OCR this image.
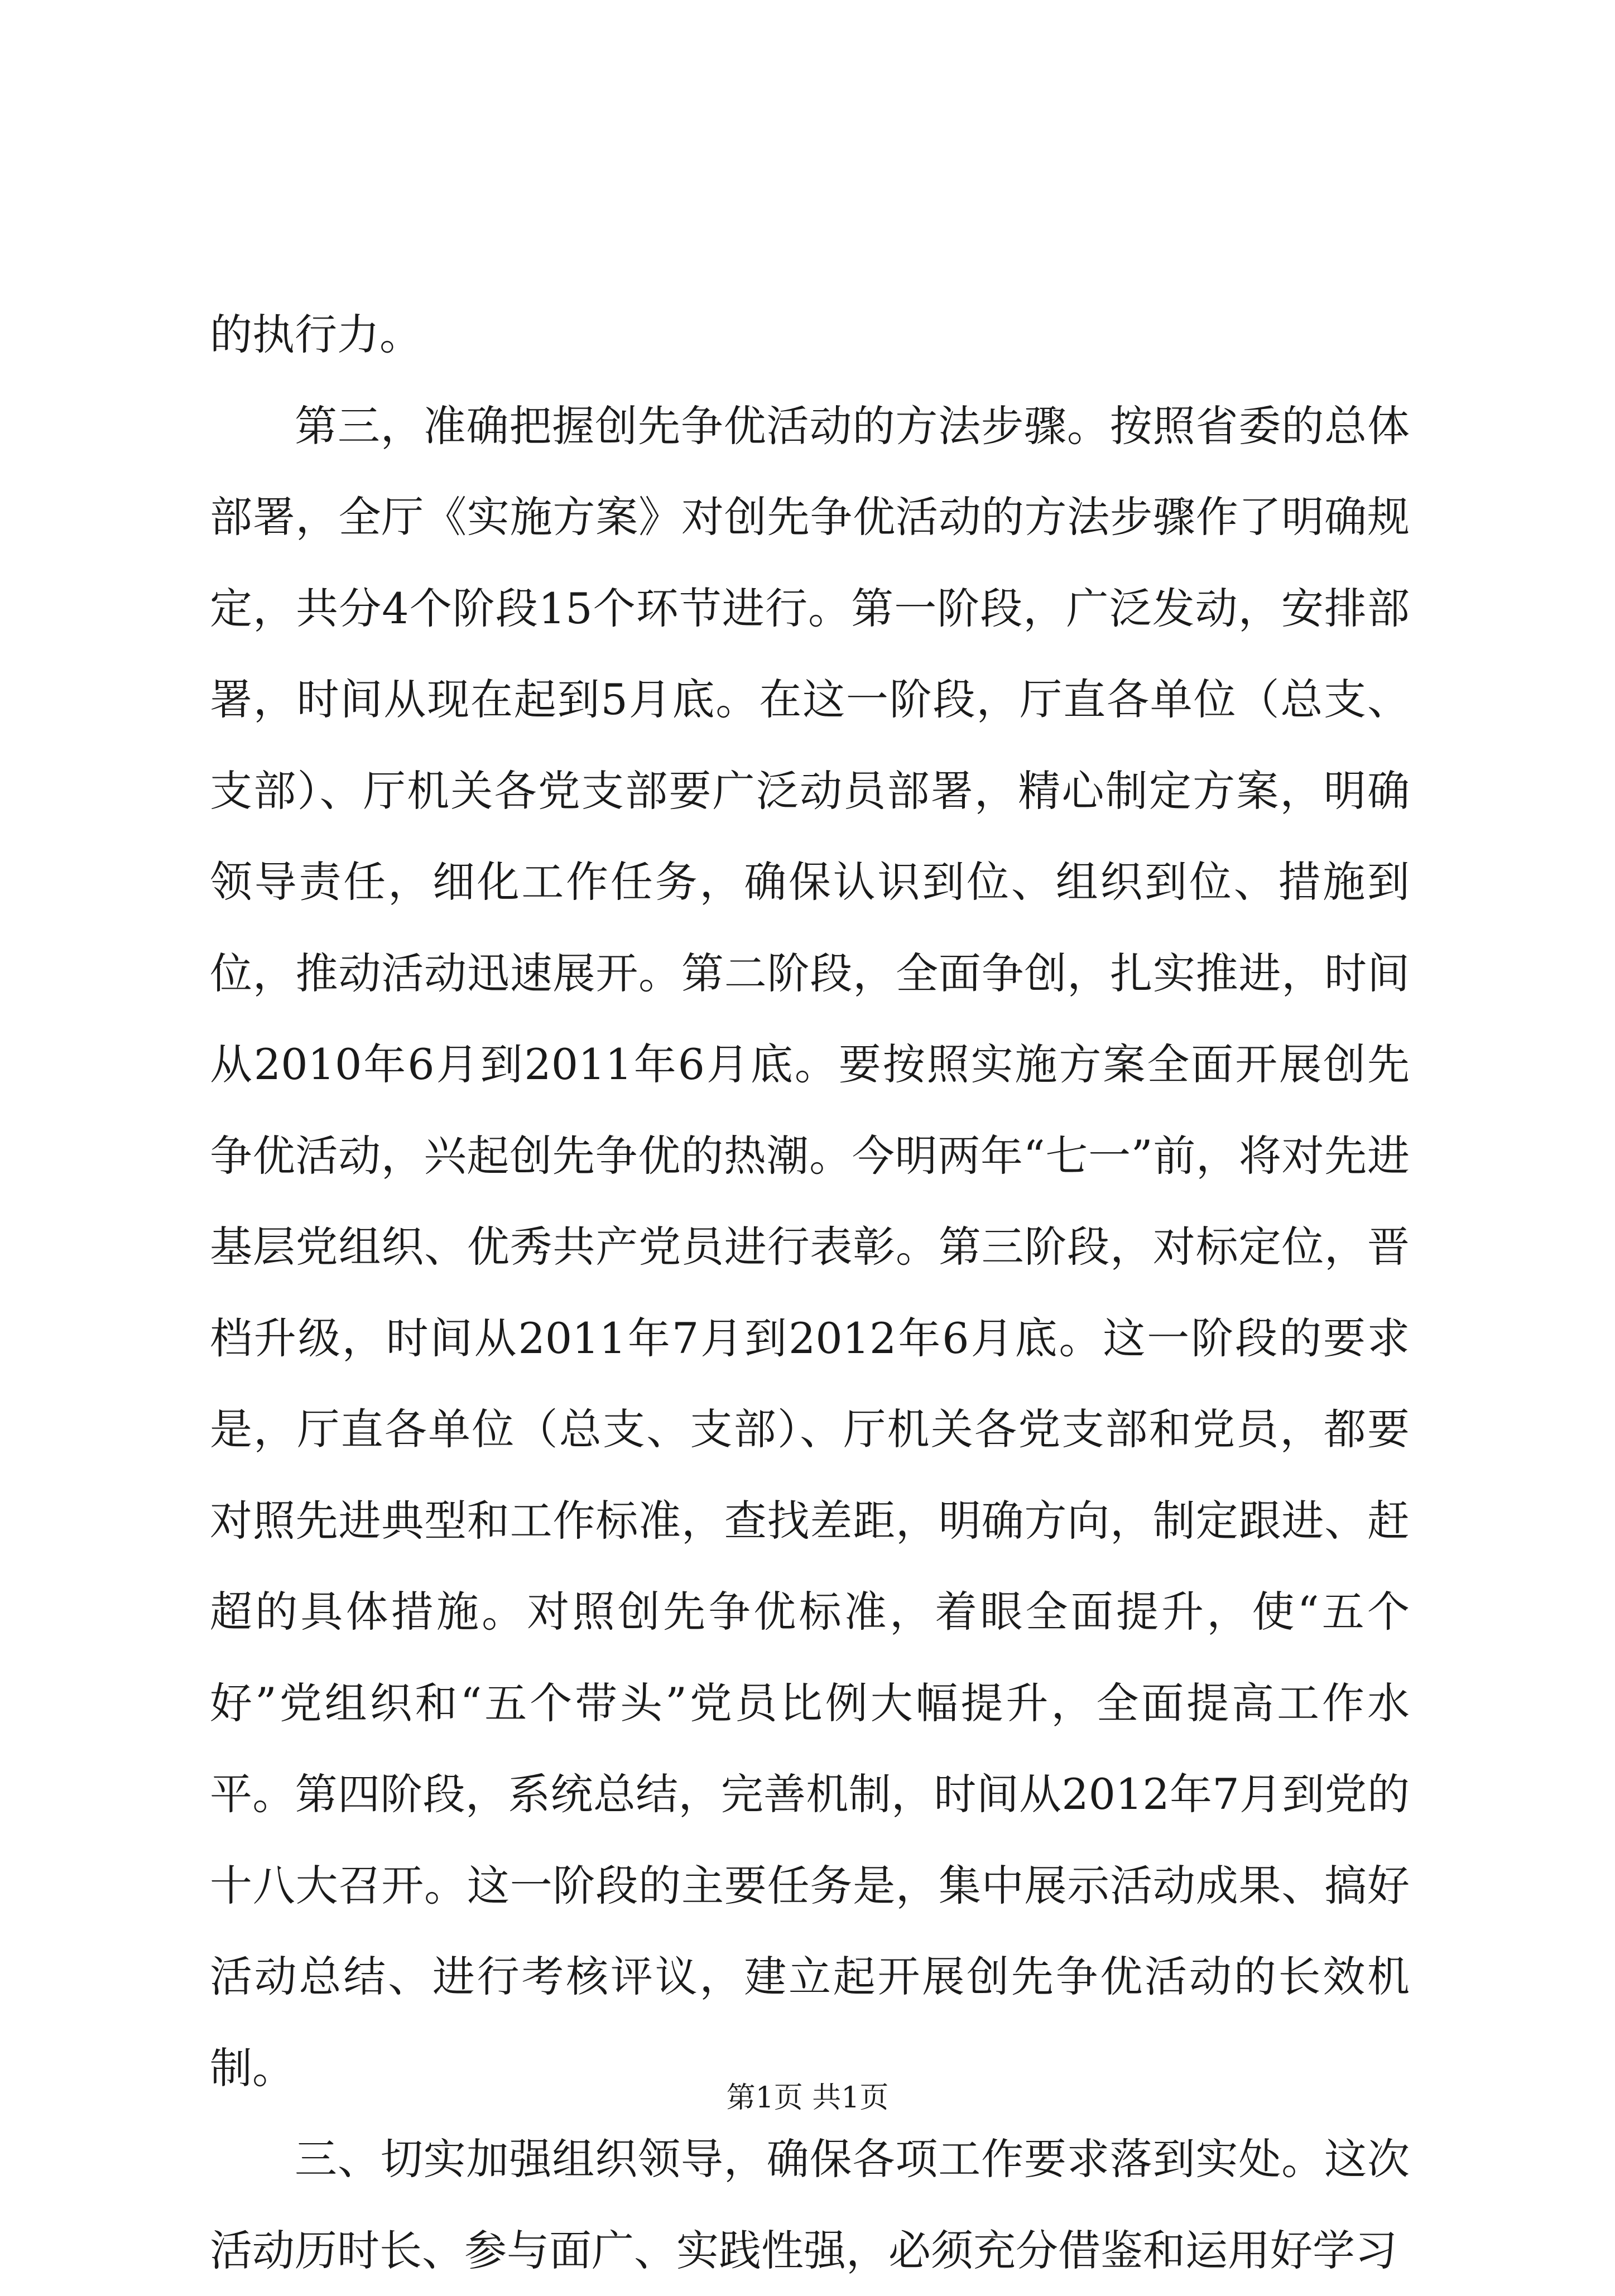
的执行力。

第三，准确把握创先争优活动的方法步骤。按照省委的总体部署，全厅《实施方案》对创先争优活动的方法步骤作了明确规定，共分4个阶段15个环节进行。第一阶段，广泛发动，安排部署，时间从现在起到5月底。在这一阶段，厅直各单位（总支、支部）、厅机关各党支部要广泛动员部署，精心制定方案，明确领导责任，细化工作任务，确保认识到位、组织到位、措施到位，推动活动迅速展开。第二阶段，全面争创，扎实推进，时间从2010年6月到2011年6月底。要按照实施方案全面开展创先争优活动，兴起创先争优的热潮。今明两年“七一”前，将对先进基层党组织、优秀共产党员进行表彰。第三阶段，对标定位，晋档升级，时间从2011年7月到2012年6月底。这一阶段的要求是，厅直各单位（总支、支部）、厅机关各党支部和党员，都要对照先进典型和工作标准，查找差距，明确方向，制定跟进、赶超的具体措施。对照创先争优标准，着眼全面提升，使“五个好”党组织和“五个带头”党员比例大幅提升，全面提高工作水平。第四阶段，系统总结，完善机制，时间从2012年7月到党的十八大召开。这一阶段的主要任务是，集中展示活动成果、搞好活动总结、进行考核评议，建立起开展创先争优活动的长效机制。

三、切实加强组织领导，确保各项工作要求落到实处。这次活动历时长、参与面广、实践性强，必须充分借鉴和运用好学习

第1页 共1页
